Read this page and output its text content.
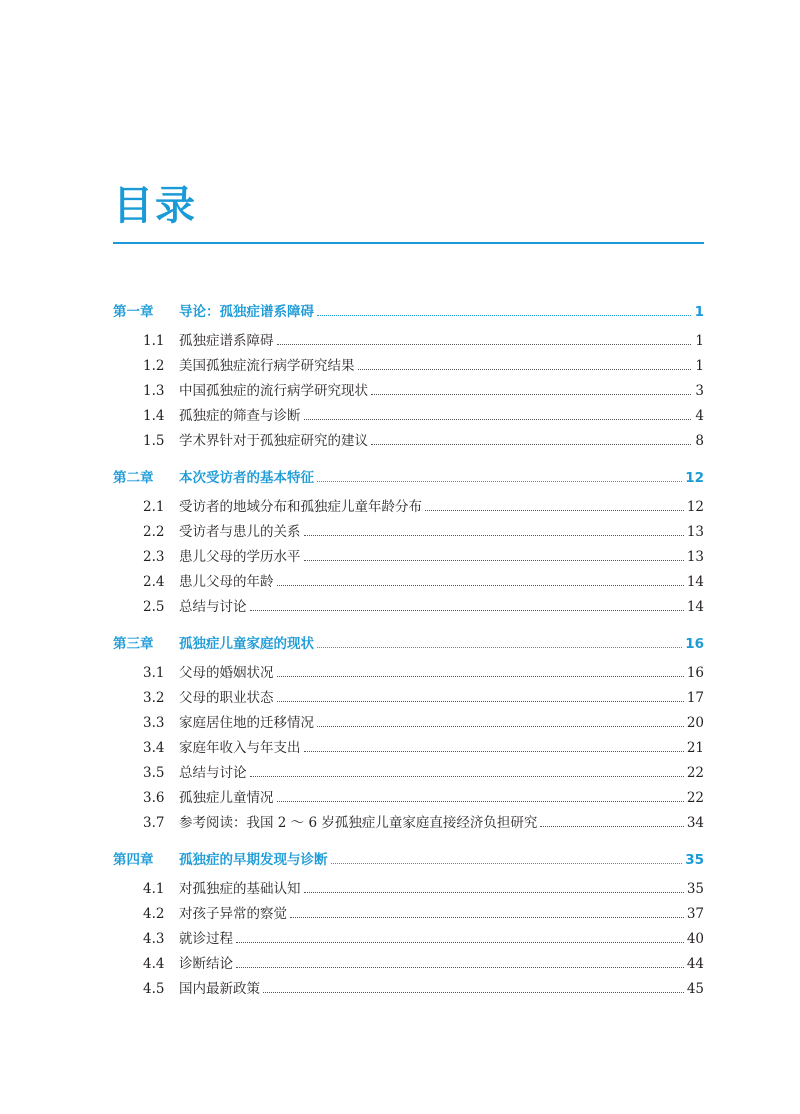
目录
第一章	导论：孤独症谱系障碍	1
1.1	孤独症谱系障碍	1
1.2	美国孤独症流行病学研究结果	1
1.3	中国孤独症的流行病学研究现状	3
1.4	孤独症的筛查与诊断	4
1.5	学术界针对于孤独症研究的建议	8
第二章	本次受访者的基本特征	12
2.1	受访者的地域分布和孤独症儿童年龄分布	12
2.2	受访者与患儿的关系	13
2.3	患儿父母的学历水平	13
2.4	患儿父母的年龄	14
2.5	总结与讨论	14
第三章	孤独症儿童家庭的现状	16
3.1	父母的婚姻状况	16
3.2	父母的职业状态	17
3.3	家庭居住地的迁移情况	20
3.4	家庭年收入与年支出	21
3.5	总结与讨论	22
3.6	孤独症儿童情况	22
3.7	参考阅读：我国 2 ～ 6 岁孤独症儿童家庭直接经济负担研究	34
第四章	孤独症的早期发现与诊断	35
4.1	对孤独症的基础认知	35
4.2	对孩子异常的察觉	37
4.3	就诊过程	40
4.4	诊断结论	44
4.5	国内最新政策	45
